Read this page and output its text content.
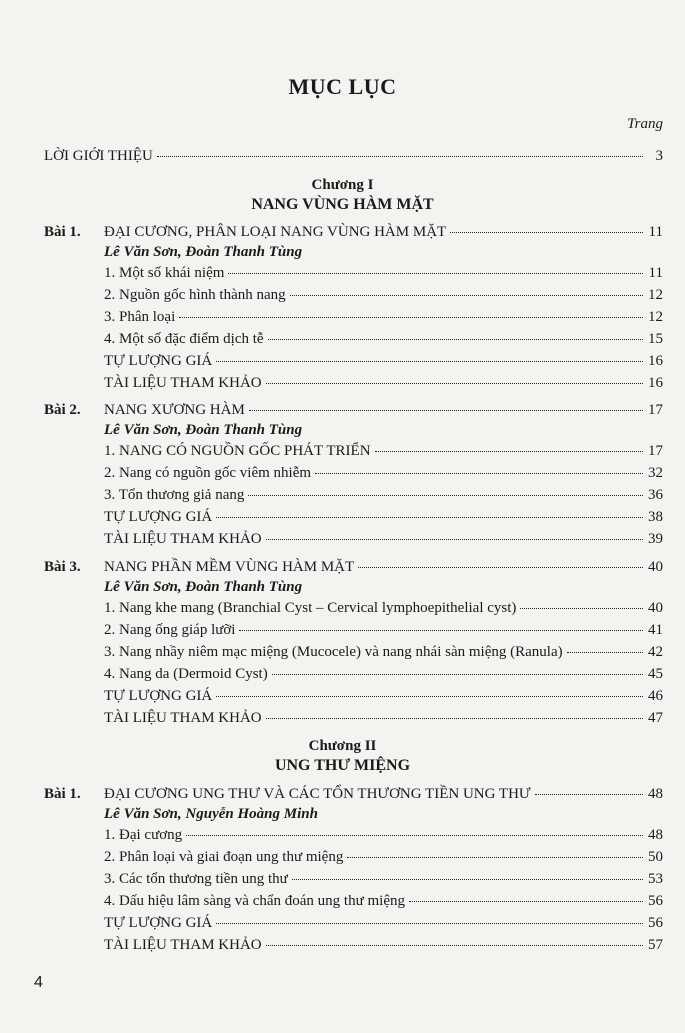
MỤC LỤC
Trang
LỜI GIỚI THIỆU	3
Chương I
NANG VÙNG HÀM MẶT
Bài 1. ĐẠI CƯƠNG, PHÂN LOẠI NANG VÙNG HÀM MẶT	11
Lê Văn Sơn, Đoàn Thanh Tùng
1. Một số khái niệm	11
2. Nguồn gốc hình thành nang	12
3. Phân loại	12
4. Một số đặc điểm dịch tễ	15
TỰ LƯỢNG GIÁ	16
TÀI LIỆU THAM KHẢO	16
Bài 2. NANG XƯƠNG HÀM	17
Lê Văn Sơn, Đoàn Thanh Tùng
1. NANG CÓ NGUỒN GỐC PHÁT TRIỂN	17
2. Nang có nguồn gốc viêm nhiễm	32
3. Tổn thương giả nang	36
TỰ LƯỢNG GIÁ	38
TÀI LIỆU THAM KHẢO	39
Bài 3. NANG PHẦN MỀM VÙNG HÀM MẶT	40
Lê Văn Sơn, Đoàn Thanh Tùng
1. Nang khe mang (Branchial Cyst – Cervical lymphoepithelial cyst)	40
2. Nang ống giáp lưỡi	41
3. Nang nhầy niêm mạc miệng (Mucocele) và nang nhái sàn miệng (Ranula)	42
4. Nang da (Dermoid Cyst)	45
TỰ LƯỢNG GIÁ	46
TÀI LIỆU THAM KHẢO	47
Chương II
UNG THƯ MIỆNG
Bài 1. ĐẠI CƯƠNG UNG THƯ VÀ CÁC TỔN THƯƠNG TIỀN UNG THƯ	48
Lê Văn Sơn, Nguyễn Hoàng Minh
1. Đại cương	48
2. Phân loại và giai đoạn ung thư miệng	50
3. Các tổn thương tiền ung thư	53
4. Dấu hiệu lâm sàng và chẩn đoán ung thư miệng	56
TỰ LƯỢNG GIÁ	56
TÀI LIỆU THAM KHẢO	57
4
